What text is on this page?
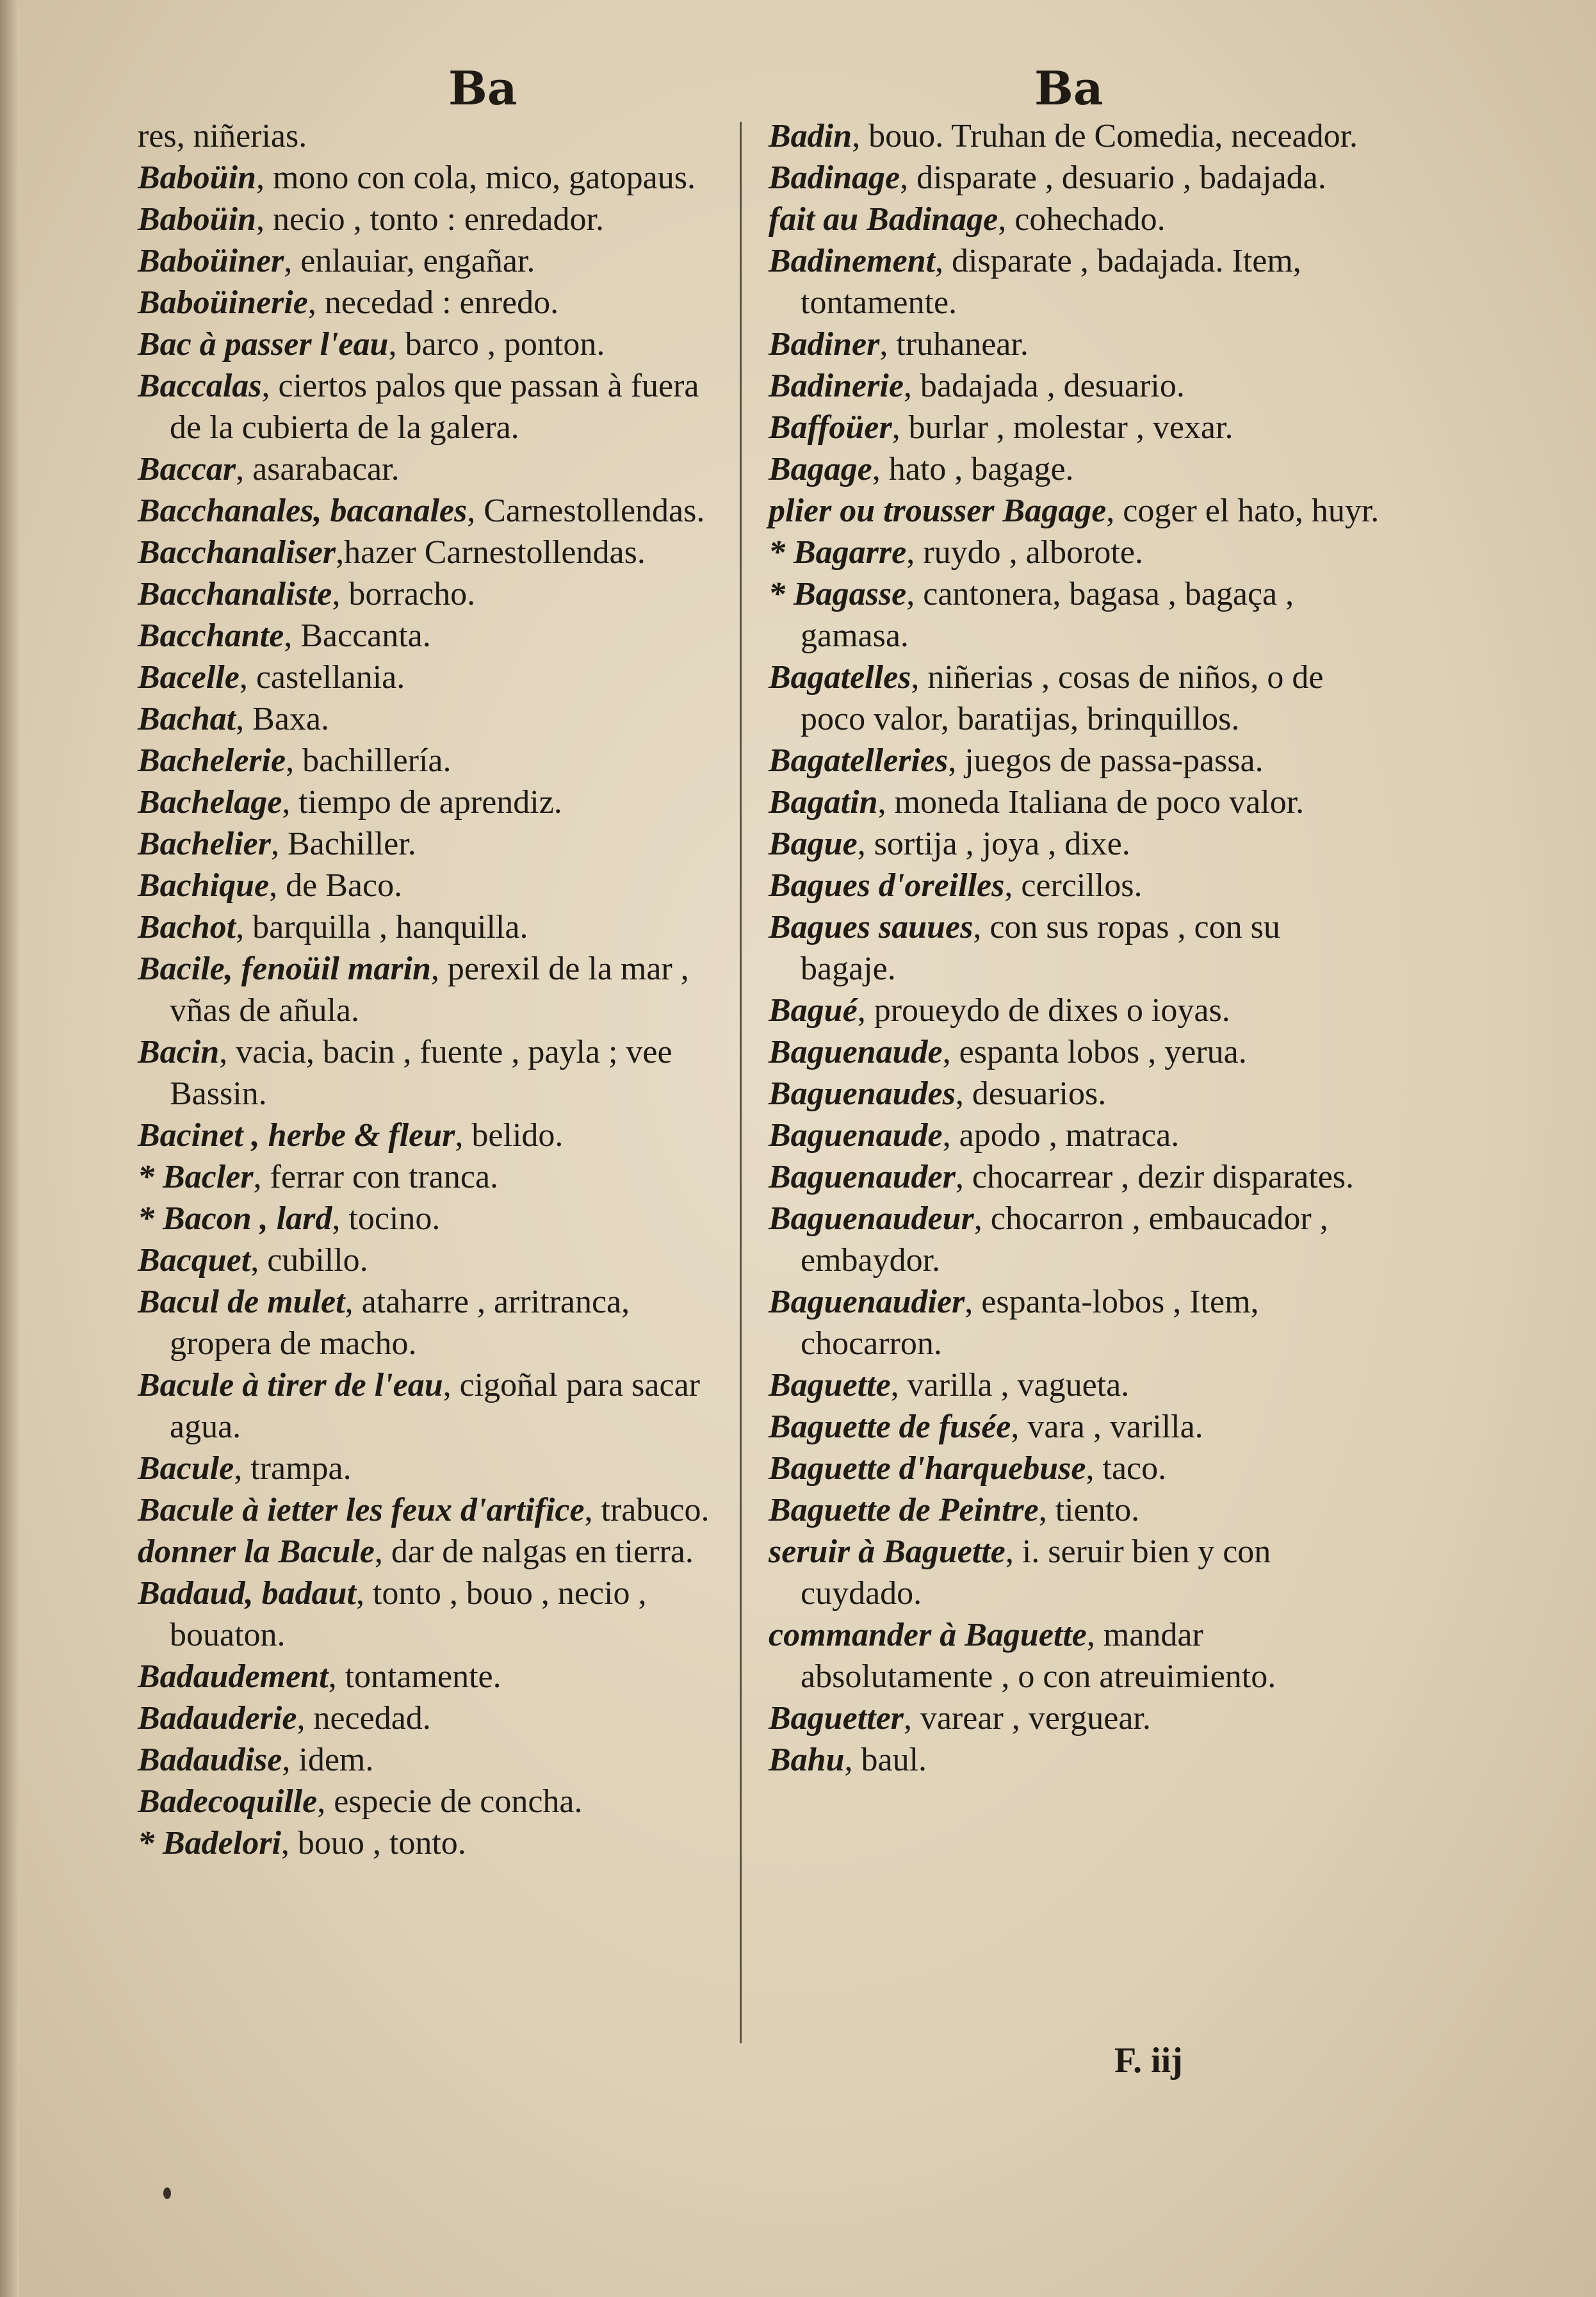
Ba	Ba
res, niñerias.
Baboüin, mono con cola, mico, gatopaus.
Baboüin, necio , tonto : enredador.
Baboüiner, enlauiar, engañar.
Baboüinerie, necedad : enredo.
Bac à passer l'eau, barco , ponton.
Baccalas, ciertos palos que passan à fuera de la cubierta de la galera.
Baccar, asarabacar.
Bacchanales, bacanales, Carnestollendas.
Bacchanaliser,hazer Carnestollendas.
Bacchanaliste, borracho.
Bacchante, Baccanta.
Bacelle, castellania.
Bachat, Baxa.
Bachelerie, bachillería.
Bachelage, tiempo de aprendiz.
Bachelier, Bachiller.
Bachique, de Baco.
Bachot, barquilla , hanquilla.
Bacile, fenoüil marin, perexil de la mar , vñas de añula.
Bacin, vacia, bacin , fuente , payla ; vee Bassin.
Bacinet , herbe & fleur, belido.
* Bacler, ferrar con tranca.
* Bacon , lard, tocino.
Bacquet, cubillo.
Bacul de mulet, ataharre , arritranca, gropera de macho.
Bacule à tirer de l'eau, cigoñal para sacar agua.
Bacule, trampa.
Bacule à ietter les feux d'artifice, trabuco.
donner la Bacule, dar de nalgas en tierra.
Badaud, badaut, tonto , bouo , necio , bouaton.
Badaudement, tontamente.
Badauderie, necedad.
Badaudise, idem.
Badecoquille, especie de concha.
* Badelori, bouo , tonto.
Badin, bouo. Truhan de Comedia, neceador.
Badinage, disparate , desuario , badajada.
fait au Badinage, cohechado.
Badinement, disparate , badajada. Item, tontamente.
Badiner, truhanear.
Badinerie, badajada , desuario.
Baffoüer, burlar , molestar , vexar.
Bagage, hato , bagage.
plier ou trousser Bagage, coger el hato, huyr.
* Bagarre, ruydo , alborote.
* Bagasse, cantonera, bagasa , bagaça , gamasa.
Bagatelles, niñerias , cosas de niños, o de poco valor, baratijas, brinquillos.
Bagatelleries, juegos de passa-passa.
Bagatin, moneda Italiana de poco valor.
Bague, sortija , joya , dixe.
Bagues d'oreilles, cercillos.
Bagues sauues, con sus ropas , con su bagaje.
Bagué, proueydo de dixes o ioyas.
Baguenaude, espanta lobos , yerua.
Baguenaudes, desuarios.
Baguenaude, apodo , matraca.
Baguenauder, chocarrear , dezir disparates.
Baguenaudeur, chocarron , embaucador , embaydor.
Baguenaudier, espanta-lobos , Item, chocarron.
Baguette, varilla , vagueta.
Baguette de fusée, vara , varilla.
Baguette d'harquebuse, taco.
Baguette de Peintre, tiento.
seruir à Baguette, i. seruir bien y con cuydado.
commander à Baguette, mandar absolutamente , o con atreuimiento.
Baguetter, varear , verguear.
Bahu, baul.
F. iij
